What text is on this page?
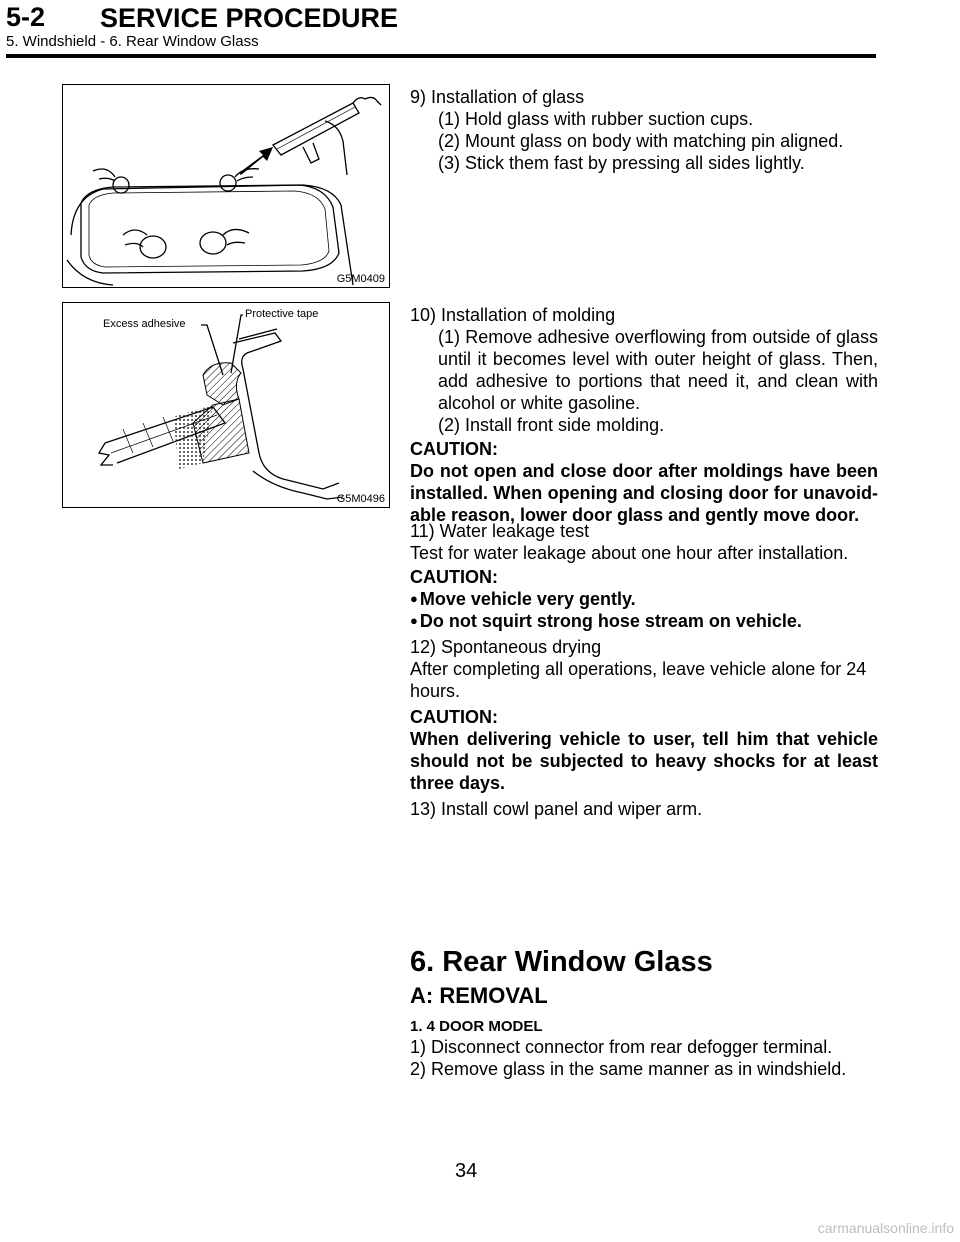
5-2 SERVICE PROCEDURE
5. Windshield - 6. Rear Window Glass
G5M0409
Excess adhesive
Protective tape
G5M0496
9) Installation of glass
(1) Hold glass with rubber suction cups.
(2) Mount glass on body with matching pin aligned.
(3) Stick them fast by pressing all sides lightly.
10) Installation of molding
(1) Remove adhesive overflowing from outside of glass until it becomes level with outer height of glass. Then, add adhesive to portions that need it, and clean with alcohol or white gasoline.
(2) Install front side molding.
CAUTION:
Do not open and close door after moldings have been installed. When opening and closing door for unavoid-able reason, lower door glass and gently move door.
11) Water leakage test
Test for water leakage about one hour after installation.
CAUTION:
● Move vehicle very gently.
● Do not squirt strong hose stream on vehicle.
12) Spontaneous drying
After completing all operations, leave vehicle alone for 24 hours.
CAUTION:
When delivering vehicle to user, tell him that vehicle should not be subjected to heavy shocks for at least three days.
13) Install cowl panel and wiper arm.
6. Rear Window Glass
A: REMOVAL
1. 4 DOOR MODEL
1) Disconnect connector from rear defogger terminal.
2) Remove glass in the same manner as in windshield.
34
carmanualsonline.info
